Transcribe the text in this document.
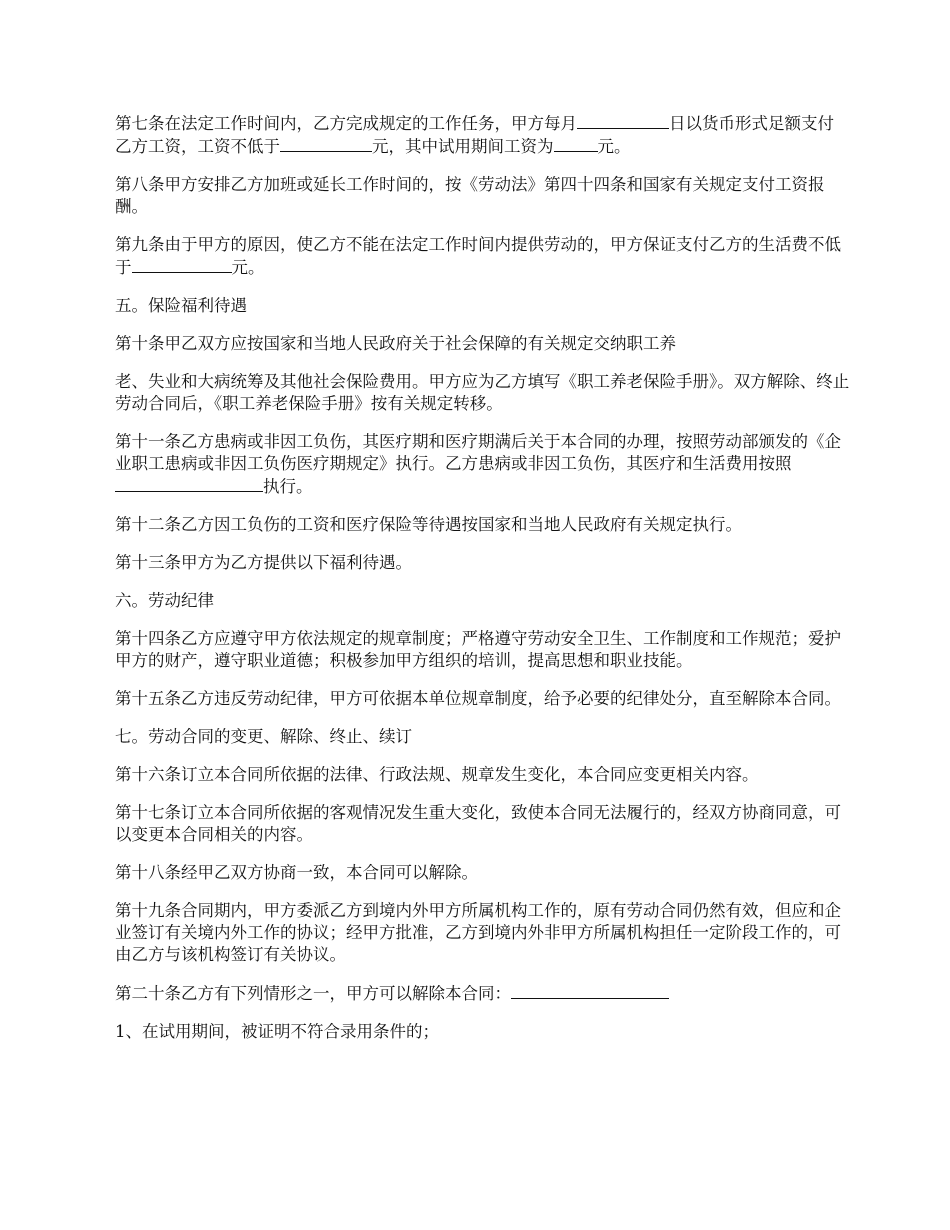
第七条在法定工作时间内，乙方完成规定的工作任务，甲方每月	日以货币形式足额支付乙方工资，工资不低于	元，其中试用期间工资为	元。

第八条甲方安排乙方加班或延长工作时间的，按《劳动法》第四十四条和国家有关规定支付工资报酬。

第九条由于甲方的原因，使乙方不能在法定工作时间内提供劳动的，甲方保证支付乙方的生活费不低于	元。

五。保险福利待遇

第十条甲乙双方应按国家和当地人民政府关于社会保障的有关规定交纳职工养

老、失业和大病统筹及其他社会保险费用。甲方应为乙方填写《职工养老保险手册》。双方解除、终止劳动合同后，《职工养老保险手册》按有关规定转移。

第十一条乙方患病或非因工负伤，其医疗期和医疗期满后关于本合同的办理，按照劳动部颁发的《企业职工患病或非因工负伤医疗期规定》执行。乙方患病或非因工负伤，其医疗和生活费用按照执行。

第十二条乙方因工负伤的工资和医疗保险等待遇按国家和当地人民政府有关规定执行。

第十三条甲方为乙方提供以下福利待遇。

六。劳动纪律

第十四条乙方应遵守甲方依法规定的规章制度；严格遵守劳动安全卫生、工作制度和工作规范；爱护甲方的财产，遵守职业道德；积极参加甲方组织的培训，提高思想和职业技能。

第十五条乙方违反劳动纪律，甲方可依据本单位规章制度，给予必要的纪律处分，直至解除本合同。

七。劳动合同的变更、解除、终止、续订

第十六条订立本合同所依据的法律、行政法规、规章发生变化，本合同应变更相关内容。

第十七条订立本合同所依据的客观情况发生重大变化，致使本合同无法履行的，经双方协商同意，可以变更本合同相关的内容。

第十八条经甲乙双方协商一致，本合同可以解除。

第十九条合同期内，甲方委派乙方到境内外甲方所属机构工作的，原有劳动合同仍然有效，但应和企业签订有关境内外工作的协议；经甲方批准，乙方到境内外非甲方所属机构担任一定阶段工作的，可由乙方与该机构签订有关协议。

第二十条乙方有下列情形之一，甲方可以解除本合同：

1、在试用期间，被证明不符合录用条件的；
